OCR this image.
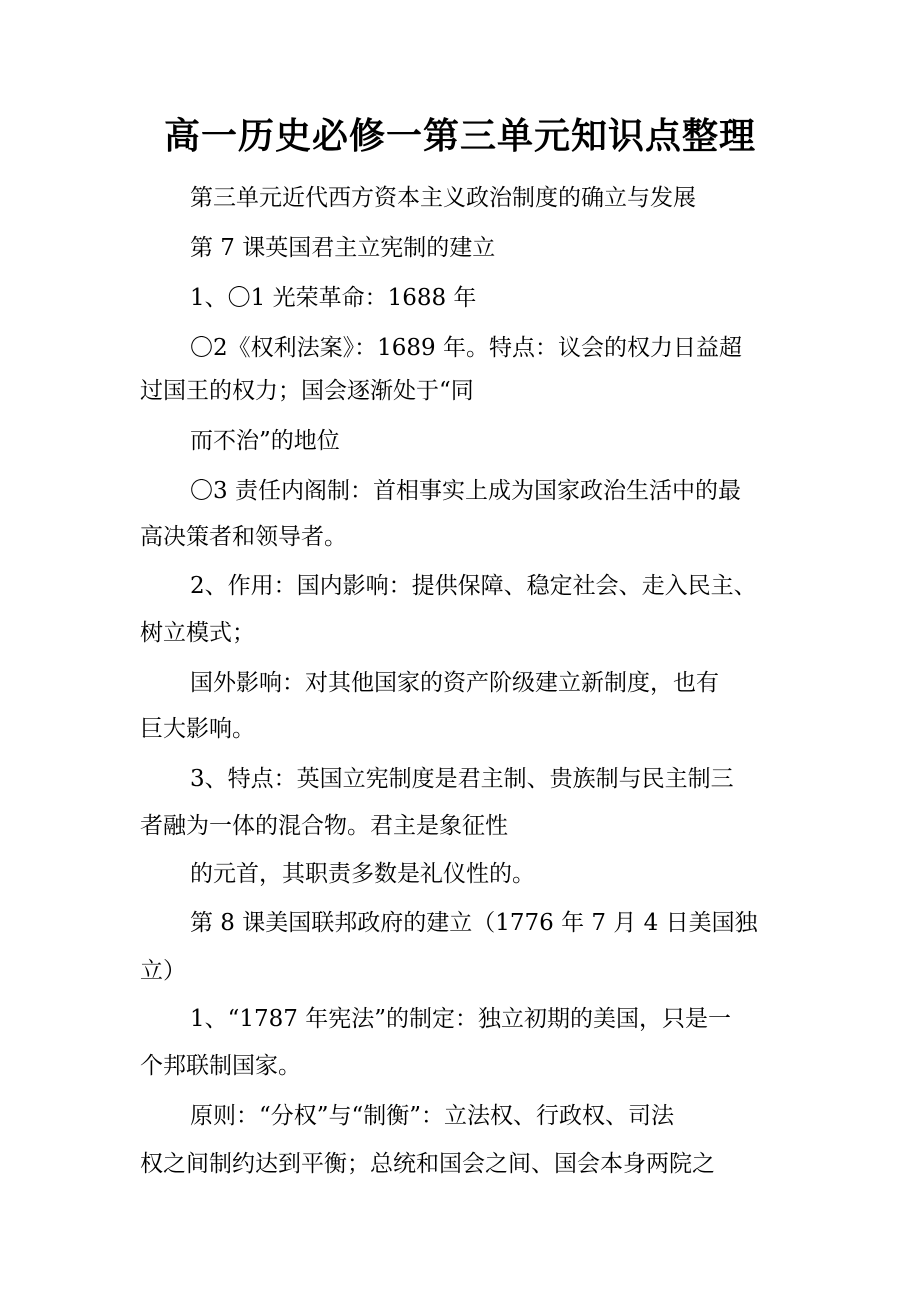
高一历史必修一第三单元知识点整理
第三单元近代西方资本主义政治制度的确立与发展
第 7 课英国君主立宪制的建立
1、〇1 光荣革命：1688 年
〇2《权利法案》：1689 年。特点：议会的权力日益超
过国王的权力；国会逐渐处于“同
而不治”的地位
〇3 责任内阁制：首相事实上成为国家政治生活中的最
高决策者和领导者。
2、作用：国内影响：提供保障、稳定社会、走入民主、
树立模式；
国外影响：对其他国家的资产阶级建立新制度，也有
巨大影响。
3、特点：英国立宪制度是君主制、贵族制与民主制三
者融为一体的混合物。君主是象征性
的元首，其职责多数是礼仪性的。
第 8 课美国联邦政府的建立（1776 年 7 月 4 日美国独
立）
1、“1787 年宪法”的制定：独立初期的美国，只是一
个邦联制国家。
原则：“分权”与“制衡”：立法权、行政权、司法
权之间制约达到平衡；总统和国会之间、国会本身两院之
